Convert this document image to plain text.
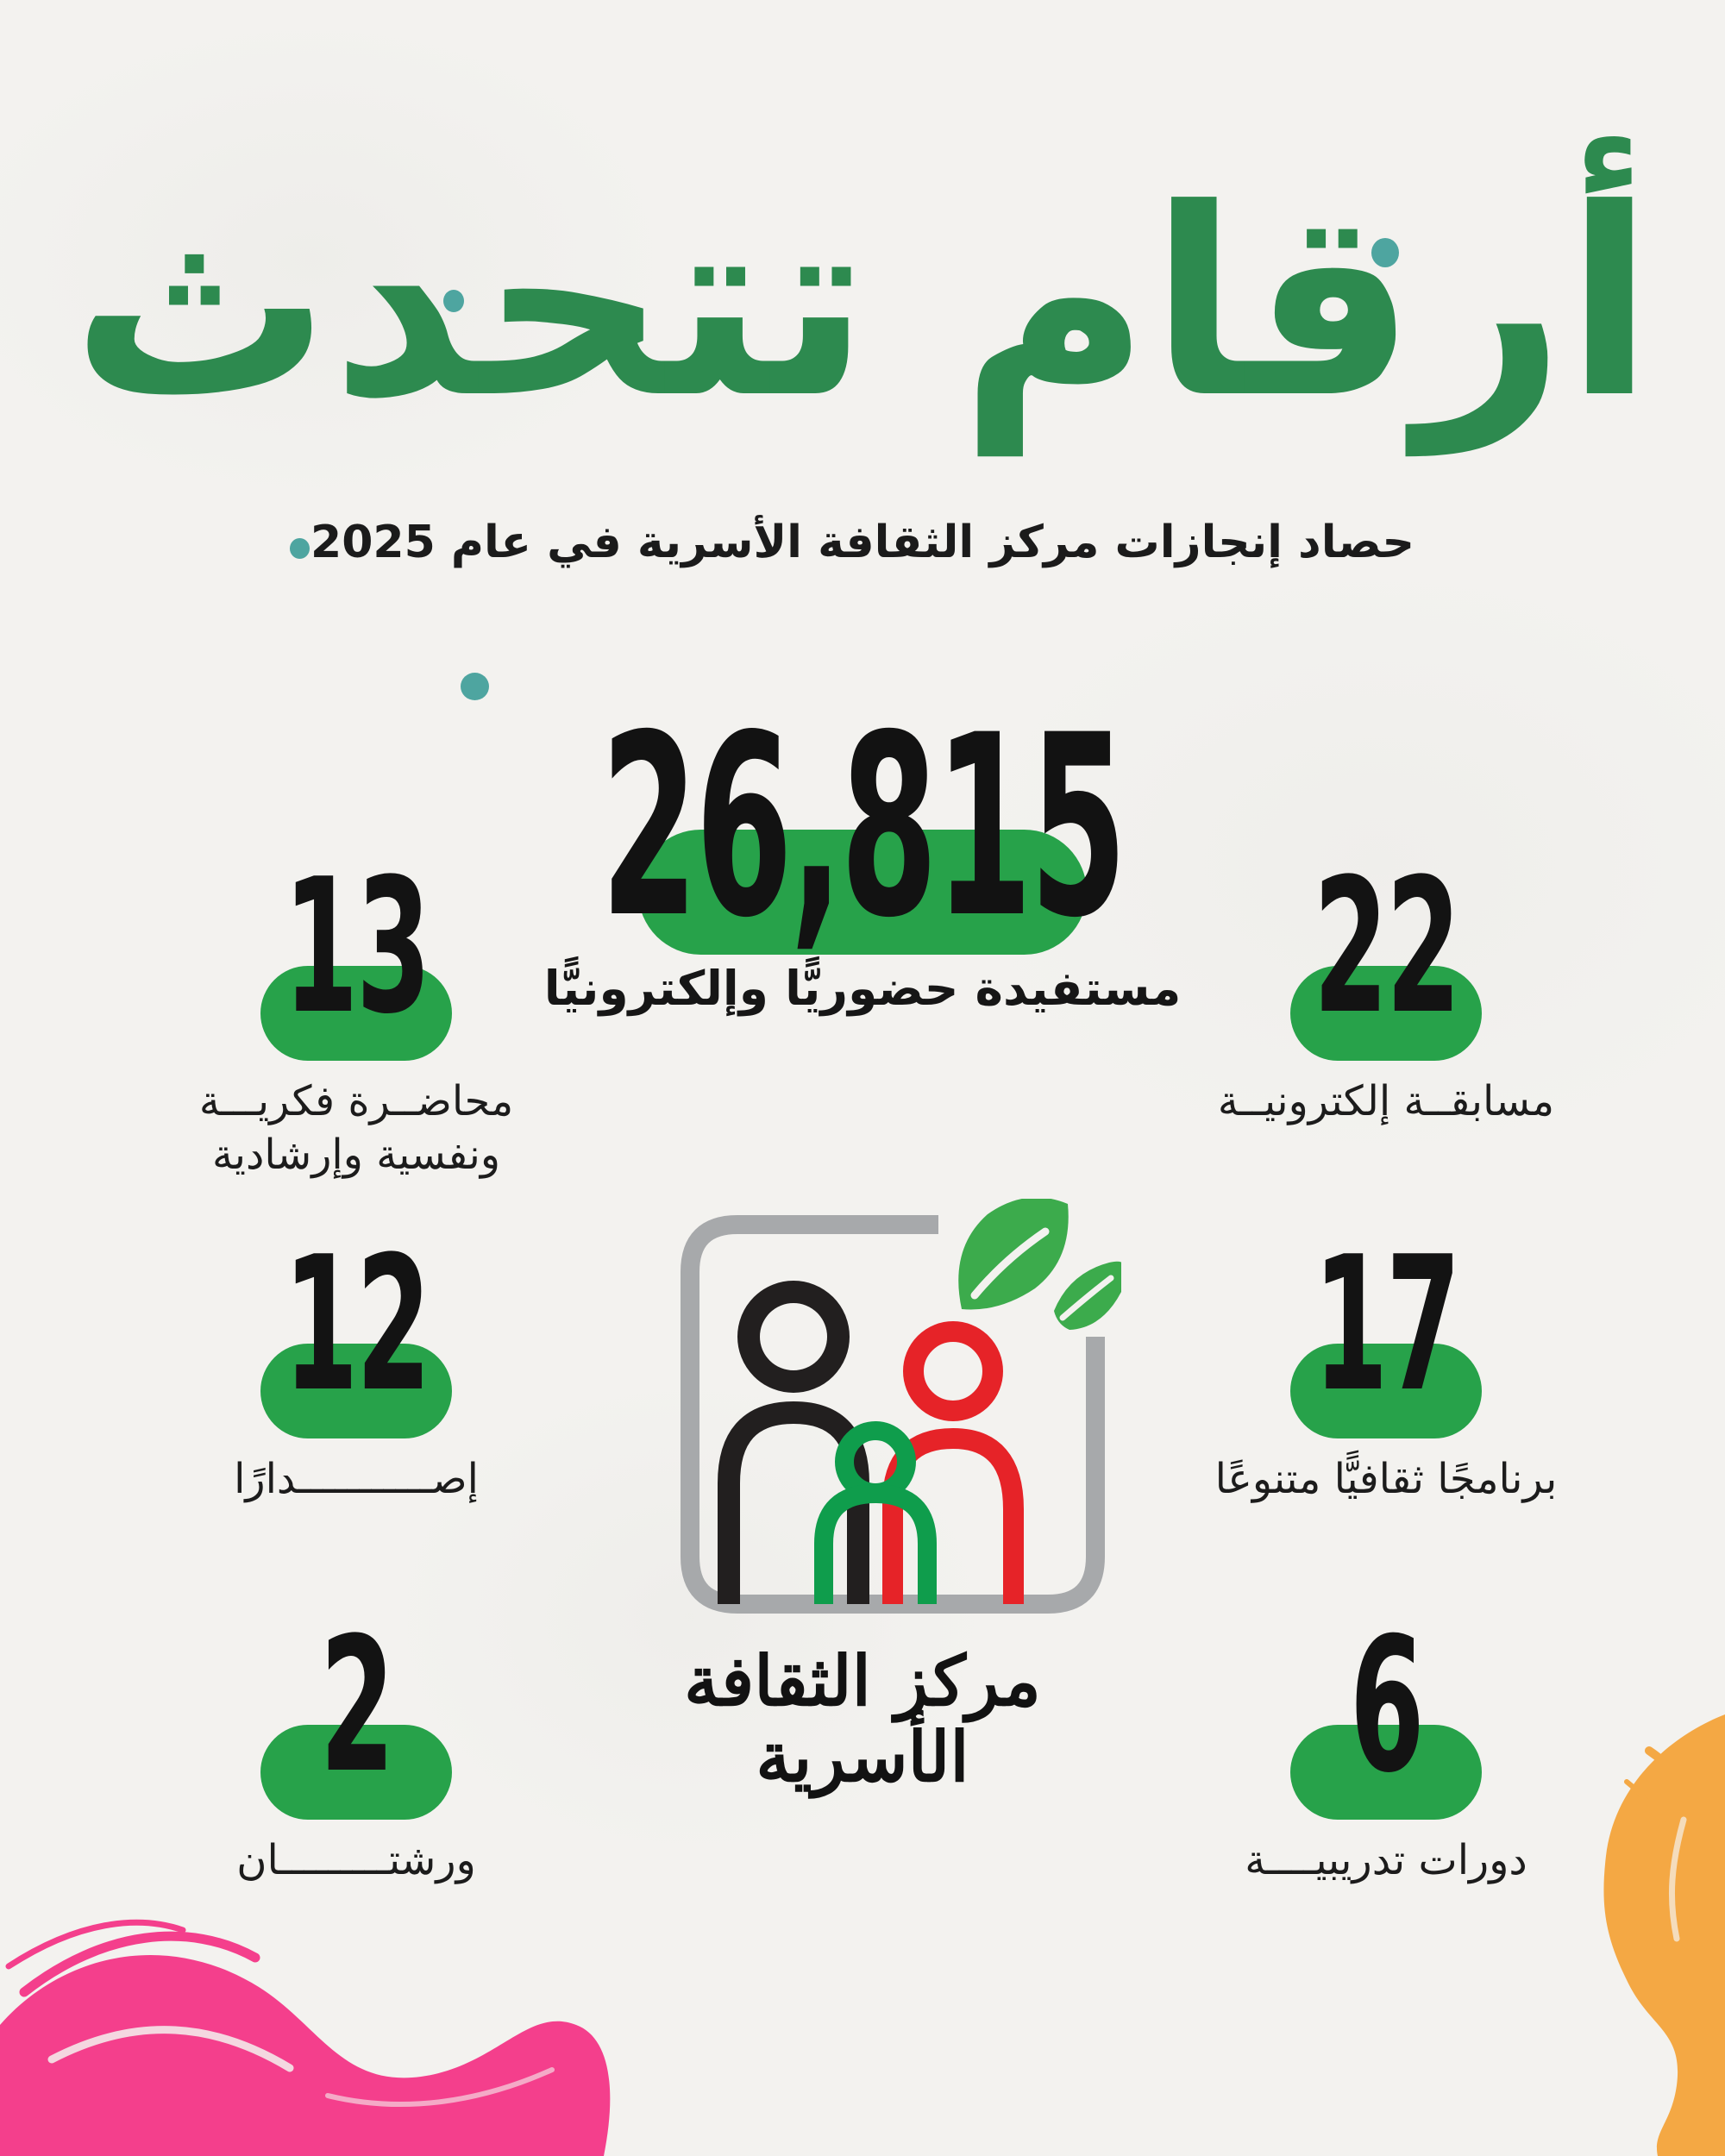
أرقام تتحدث
حصاد إنجازات مركز الثقافة الأسرية في عام 2025
26,815
مستفيدة حضوريًّا وإلكترونيًّا
13
محاضــرة فكريـــة
ونفسية وإرشادية
12
إصـــــــــــدارًا
2
ورشتـــــــــان
22
مسابقــة إلكترونيــة
17
برنامجًا ثقافيًّا متنوعًا
6
دورات تدريبيــــة
مركز الثقافة الأسرية
